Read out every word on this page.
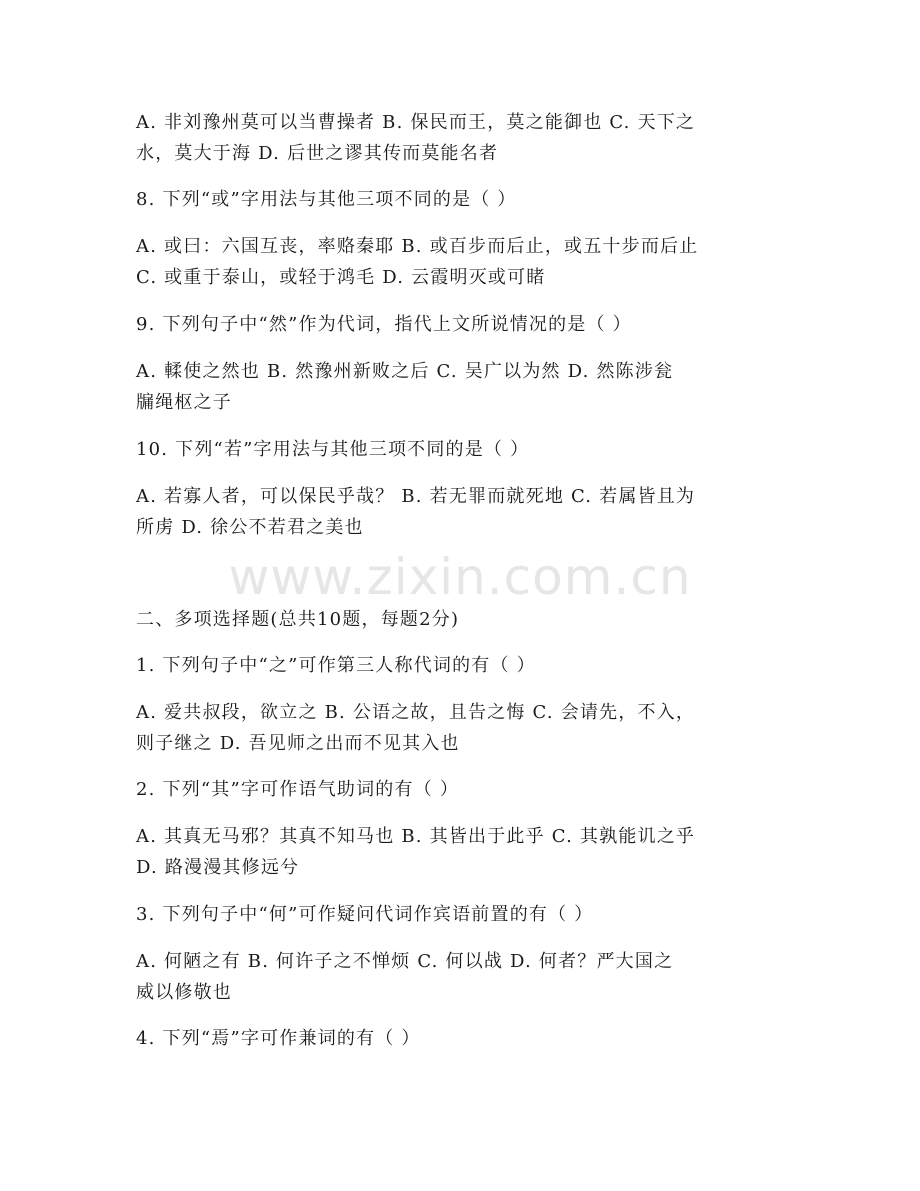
www.zixin.com.cn
A. 非刘豫州莫可以当曹操者 B. 保民而王，莫之能御也 C. 天下之
水，莫大于海 D. 后世之谬其传而莫能名者
8. 下列“或”字用法与其他三项不同的是（ ）
A. 或曰：六国互丧，率赂秦耶 B. 或百步而后止，或五十步而后止
C. 或重于泰山，或轻于鸿毛 D. 云霞明灭或可睹
9. 下列句子中“然”作为代词，指代上文所说情况的是（ ）
A. 輮使之然也 B. 然豫州新败之后 C. 吴广以为然 D. 然陈涉瓮
牖绳枢之子
10. 下列“若”字用法与其他三项不同的是（ ）
A. 若寡人者，可以保民乎哉？ B. 若无罪而就死地 C. 若属皆且为
所虏 D. 徐公不若君之美也
二、多项选择题(总共10题，每题2分)
1. 下列句子中“之”可作第三人称代词的有（ ）
A. 爱共叔段，欲立之 B. 公语之故，且告之悔 C. 会请先，不入，
则子继之 D. 吾见师之出而不见其入也
2. 下列“其”字可作语气助词的有（ ）
A. 其真无马邪？其真不知马也 B. 其皆出于此乎 C. 其孰能讥之乎
D. 路漫漫其修远兮
3. 下列句子中“何”可作疑问代词作宾语前置的有（ ）
A. 何陋之有 B. 何许子之不惮烦 C. 何以战 D. 何者？严大国之
威以修敬也
4. 下列“焉”字可作兼词的有（ ）
